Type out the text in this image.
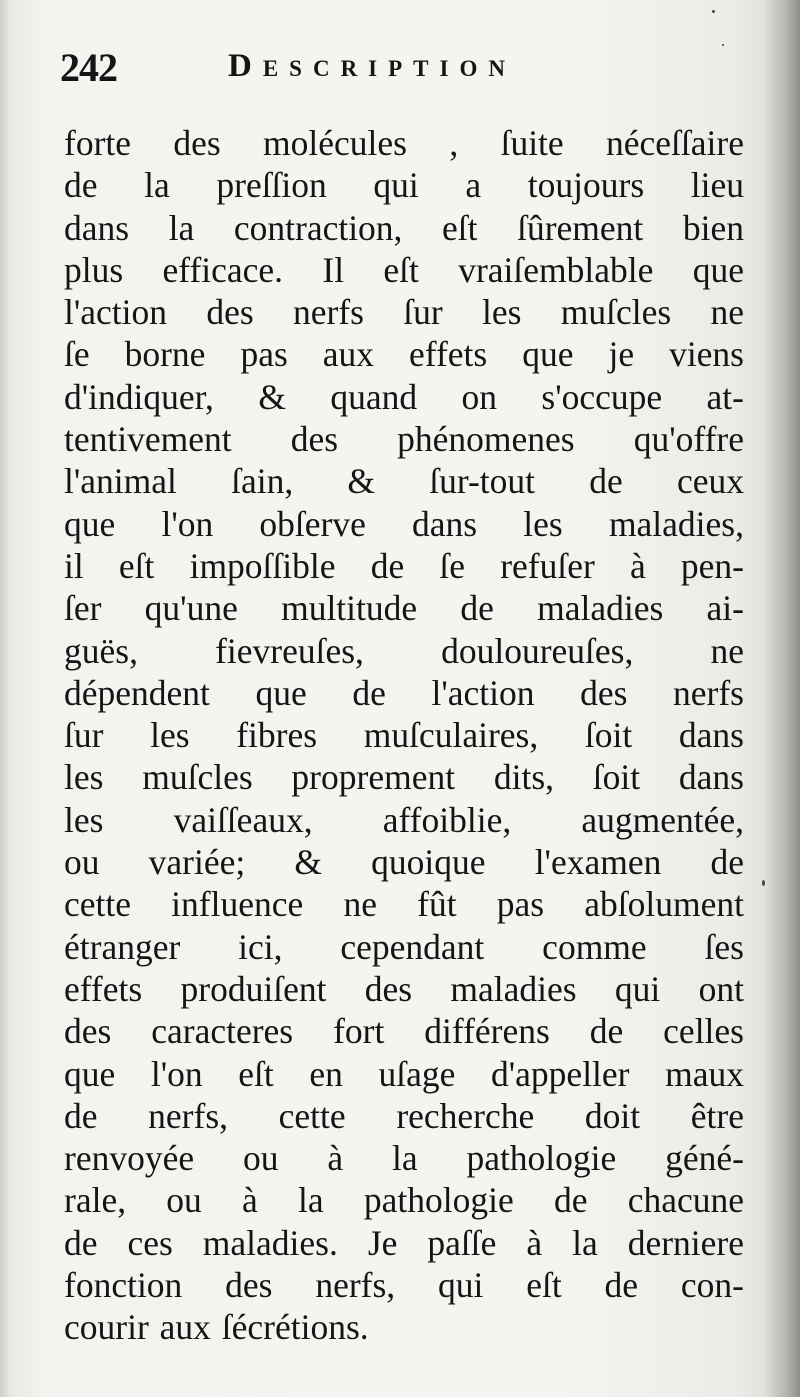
242	Description
forte des molécules , ſuite néceſſaire
de la preſſion qui a toujours lieu
dans la contraction, eſt ſûrement bien
plus efficace. Il eſt vraiſemblable que
l'action des nerfs ſur les muſcles ne
ſe borne pas aux effets que je viens
d'indiquer, & quand on s'occupe at-
tentivement des phénomenes qu'offre
l'animal ſain, & ſur-tout de ceux
que l'on obſerve dans les maladies,
il eſt impoſſible de ſe refuſer à pen-
ſer qu'une multitude de maladies ai-
guës, fievreuſes, douloureuſes, ne
dépendent que de l'action des nerfs
ſur les fibres muſculaires, ſoit dans
les muſcles proprement dits, ſoit dans
les vaiſſeaux, affoiblie, augmentée,
ou variée; & quoique l'examen de
cette influence ne fût pas abſolument
étranger ici, cependant comme ſes
effets produiſent des maladies qui ont
des caracteres fort différens de celles
que l'on eſt en uſage d'appeller maux
de nerfs, cette recherche doit être
renvoyée ou à la pathologie géné-
rale, ou à la pathologie de chacune
de ces maladies. Je paſſe à la derniere
fonction des nerfs, qui eſt de con-
courir aux ſécrétions.
